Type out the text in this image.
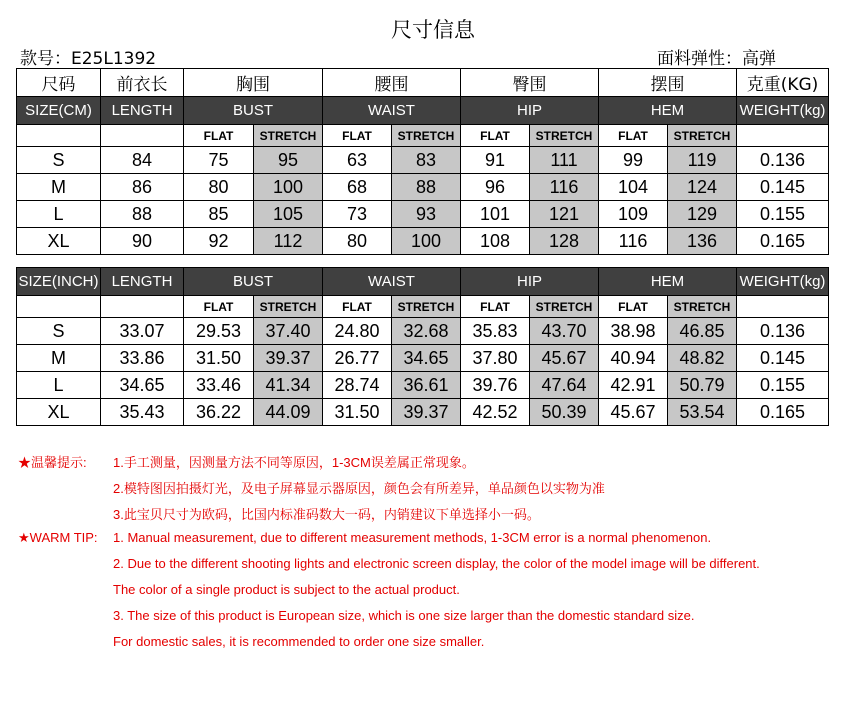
尺寸信息
款号：E25L1392	面料弹性：高弹
尺码	前衣长	胸围		腰围		臀围		摆围		克重(KG)
SIZE(CM)	LENGTH	BUST		WAIST		HIP		HEM		WEIGHT(kg)
		FLAT	STRETCH	FLAT	STRETCH	FLAT	STRETCH	FLAT	STRETCH	
S	84	75	95	63	83	91	111	99	119	0.136
M	86	80	100	68	88	96	116	104	124	0.145
L	88	85	105	73	93	101	121	109	129	0.155
XL	90	92	112	80	100	108	128	116	136	0.165
SIZE(INCH)	LENGTH	BUST		WAIST		HIP		HEM		WEIGHT(kg)
		FLAT	STRETCH	FLAT	STRETCH	FLAT	STRETCH	FLAT	STRETCH	
S	33.07	29.53	37.40	24.80	32.68	35.83	43.70	38.98	46.85	0.136
M	33.86	31.50	39.37	26.77	34.65	37.80	45.67	40.94	48.82	0.145
L	34.65	33.46	41.34	28.74	36.61	39.76	47.64	42.91	50.79	0.155
XL	35.43	36.22	44.09	31.50	39.37	42.52	50.39	45.67	53.54	0.165
★温馨提示: 1.手工测量，因测量方法不同等原因，1-3CM误差属正常现象。
2.模特图因拍摄灯光，及电子屏幕显示器原因，颜色会有所差异，单品颜色以实物为准
3.此宝贝尺寸为欧码，比国内标准码数大一码，内销建议下单选择小一码。
★WARM TIP: 1. Manual measurement, due to different measurement methods, 1-3CM error is a normal phenomenon.
2. Due to the different shooting lights and electronic screen display, the color of the model image will be different.
The color of a single product is subject to the actual product.
3. The size of this product is European size, which is one size larger than the domestic standard size.
For domestic sales, it is recommended to order one size smaller.
